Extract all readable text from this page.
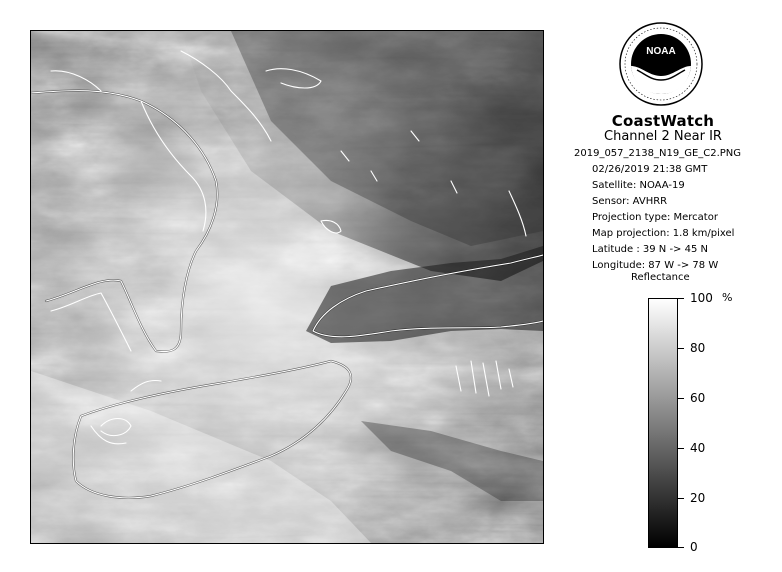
NOAA
CoastWatch
Channel 2 Near IR
2019_057_2138_N19_GE_C2.PNG
02/26/2019 21:38 GMT
Satellite: NOAA-19
Sensor: AVHRR
Projection type: Mercator
Map projection: 1.8 km/pixel
Latitude : 39 N -> 45 N
Longitude: 87 W -> 78 W
Reflectance
%
100
80
60
40
20
0
